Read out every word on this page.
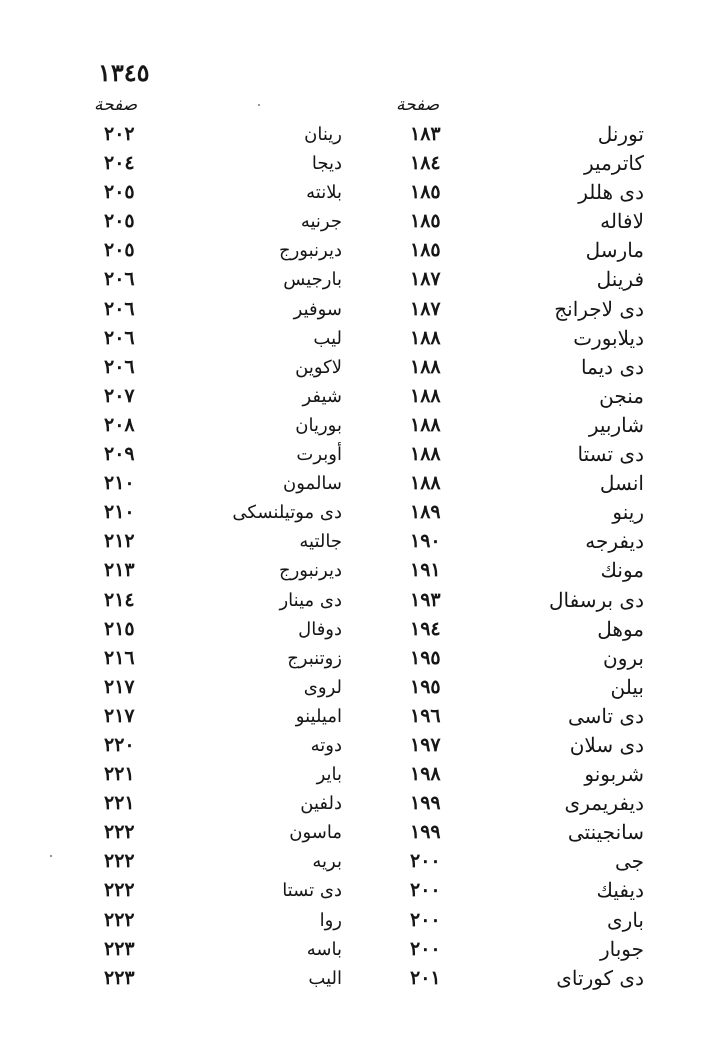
١٣٤٥
صفحة	صفحة
تورنل
١٨٣
رينان
٢٠٢
كاترمير
١٨٤
ديجا
٢٠٤
دى هللر
١٨٥
بلانته
٢٠٥
لافاله
١٨٥
جرنيه
٢٠٥
مارسل
١٨٥
ديرنبورج
٢٠٥
فرينل
١٨٧
بارجيس
٢٠٦
دى لاجرانج
١٨٧
سوفير
٢٠٦
ديلابورت
١٨٨
ليب
٢٠٦
دى ديما
١٨٨
لاكوين
٢٠٦
منجن
١٨٨
شيفر
٢٠٧
شاربير
١٨٨
بوريان
٢٠٨
دى تستا
١٨٨
أوبرت
٢٠٩
انسل
١٨٨
سالمون
٢١٠
رينو
١٨٩
دى موتيلنسكى
٢١٠
ديفرجه
١٩٠
جالتيه
٢١٢
مونك
١٩١
ديرنبورج
٢١٣
دى برسفال
١٩٣
دى مينار
٢١٤
موهل
١٩٤
دوفال
٢١٥
برون
١٩٥
زوتنبرج
٢١٦
بيلن
١٩٥
لروى
٢١٧
دى تاسى
١٩٦
اميلينو
٢١٧
دى سلان
١٩٧
دوته
٢٢٠
شربونو
١٩٨
باير
٢٢١
ديفريمرى
١٩٩
دلفين
٢٢١
سانجينتى
١٩٩
ماسون
٢٢٢
جى
٢٠٠
بريه
٢٢٢
ديفيك
٢٠٠
دى تستا
٢٢٢
بارى
٢٠٠
روا
٢٢٢
جوبار
٢٠٠
باسه
٢٢٣
دى كورتاى
٢٠١
اليب
٢٢٣
